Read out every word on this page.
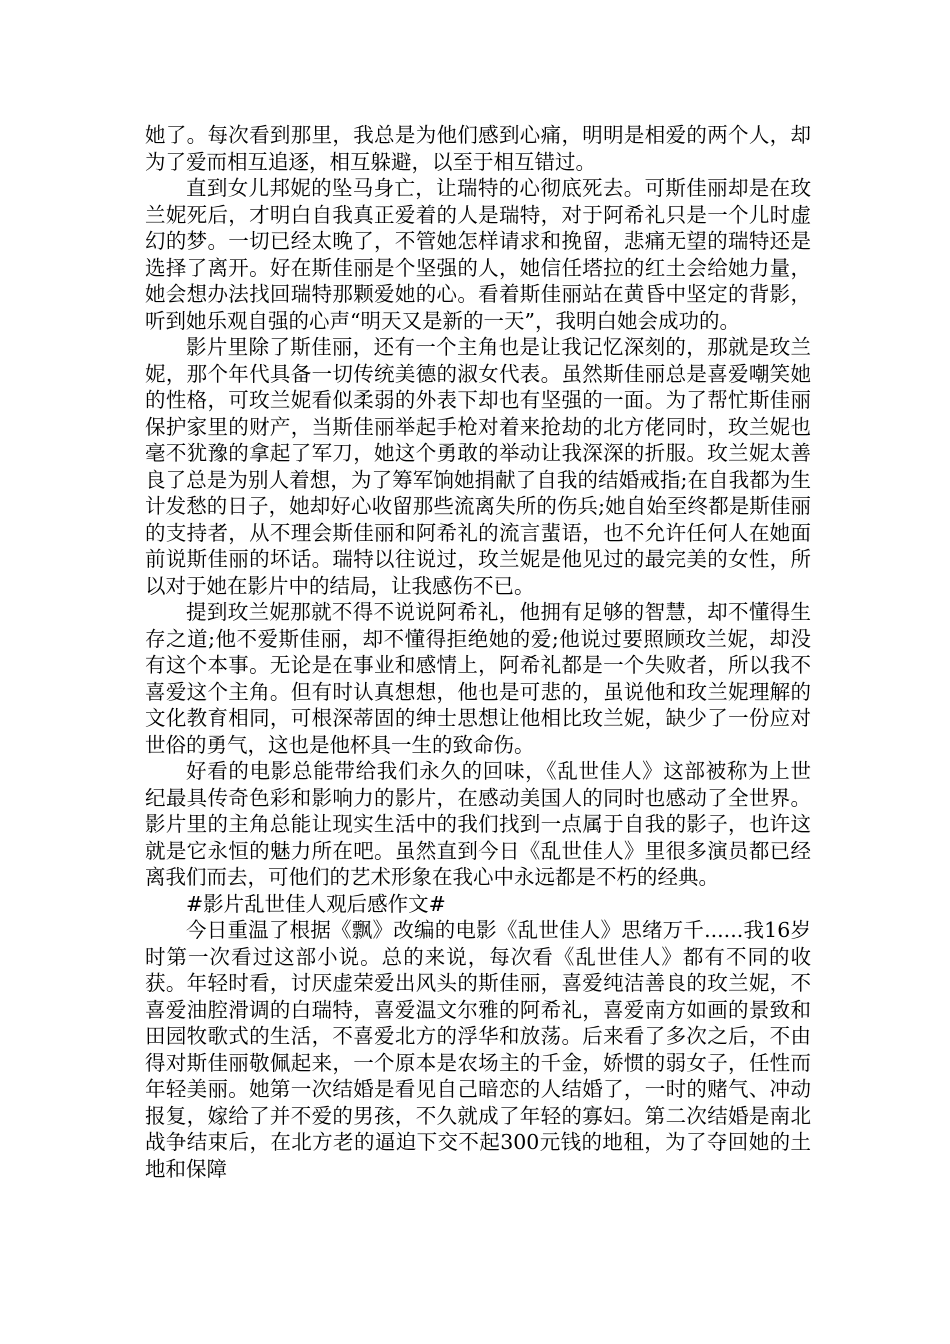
她了。每次看到那里，我总是为他们感到心痛，明明是相爱的两个人，却为了爱而相互追逐，相互躲避，以至于相互错过。

直到女儿邦妮的坠马身亡，让瑞特的心彻底死去。可斯佳丽却是在玫兰妮死后，才明白自我真正爱着的人是瑞特，对于阿希礼只是一个儿时虚幻的梦。一切已经太晚了，不管她怎样请求和挽留，悲痛无望的瑞特还是选择了离开。好在斯佳丽是个坚强的人，她信任塔拉的红土会给她力量，她会想办法找回瑞特那颗爱她的心。看着斯佳丽站在黄昏中坚定的背影，听到她乐观自强的心声“明天又是新的一天”，我明白她会成功的。

影片里除了斯佳丽，还有一个主角也是让我记忆深刻的，那就是玫兰妮，那个年代具备一切传统美德的淑女代表。虽然斯佳丽总是喜爱嘲笑她的性格，可玫兰妮看似柔弱的外表下却也有坚强的一面。为了帮忙斯佳丽保护家里的财产，当斯佳丽举起手枪对着来抢劫的北方佬同时，玫兰妮也毫不犹豫的拿起了军刀，她这个勇敢的举动让我深深的折服。玫兰妮太善良了总是为别人着想，为了筹军饷她捐献了自我的结婚戒指;在自我都为生计发愁的日子，她却好心收留那些流离失所的伤兵;她自始至终都是斯佳丽的支持者，从不理会斯佳丽和阿希礼的流言蜚语，也不允许任何人在她面前说斯佳丽的坏话。瑞特以往说过，玫兰妮是他见过的最完美的女性，所以对于她在影片中的结局，让我感伤不已。

提到玫兰妮那就不得不说说阿希礼，他拥有足够的智慧，却不懂得生存之道;他不爱斯佳丽，却不懂得拒绝她的爱;他说过要照顾玫兰妮，却没有这个本事。无论是在事业和感情上，阿希礼都是一个失败者，所以我不喜爱这个主角。但有时认真想想，他也是可悲的，虽说他和玫兰妮理解的文化教育相同，可根深蒂固的绅士思想让他相比玫兰妮，缺少了一份应对世俗的勇气，这也是他杯具一生的致命伤。

好看的电影总能带给我们永久的回味，《乱世佳人》这部被称为上世纪最具传奇色彩和影响力的影片，在感动美国人的同时也感动了全世界。影片里的主角总能让现实生活中的我们找到一点属于自我的影子，也许这就是它永恒的魅力所在吧。虽然直到今日《乱世佳人》里很多演员都已经离我们而去，可他们的艺术形象在我心中永远都是不朽的经典。

#影片乱世佳人观后感作文#

今日重温了根据《飘》改编的电影《乱世佳人》思绪万千......我16岁时第一次看过这部小说。总的来说，每次看《乱世佳人》都有不同的收获。年轻时看，讨厌虚荣爱出风头的斯佳丽，喜爱纯洁善良的玫兰妮，不喜爱油腔滑调的白瑞特，喜爱温文尔雅的阿希礼，喜爱南方如画的景致和田园牧歌式的生活，不喜爱北方的浮华和放荡。后来看了多次之后，不由得对斯佳丽敬佩起来，一个原本是农场主的千金，娇惯的弱女子，任性而年轻美丽。她第一次结婚是看见自己暗恋的人结婚了，一时的赌气、冲动报复，嫁给了并不爱的男孩，不久就成了年轻的寡妇。第二次结婚是南北战争结束后，在北方老的逼迫下交不起300元钱的地租，为了夺回她的土地和保障
